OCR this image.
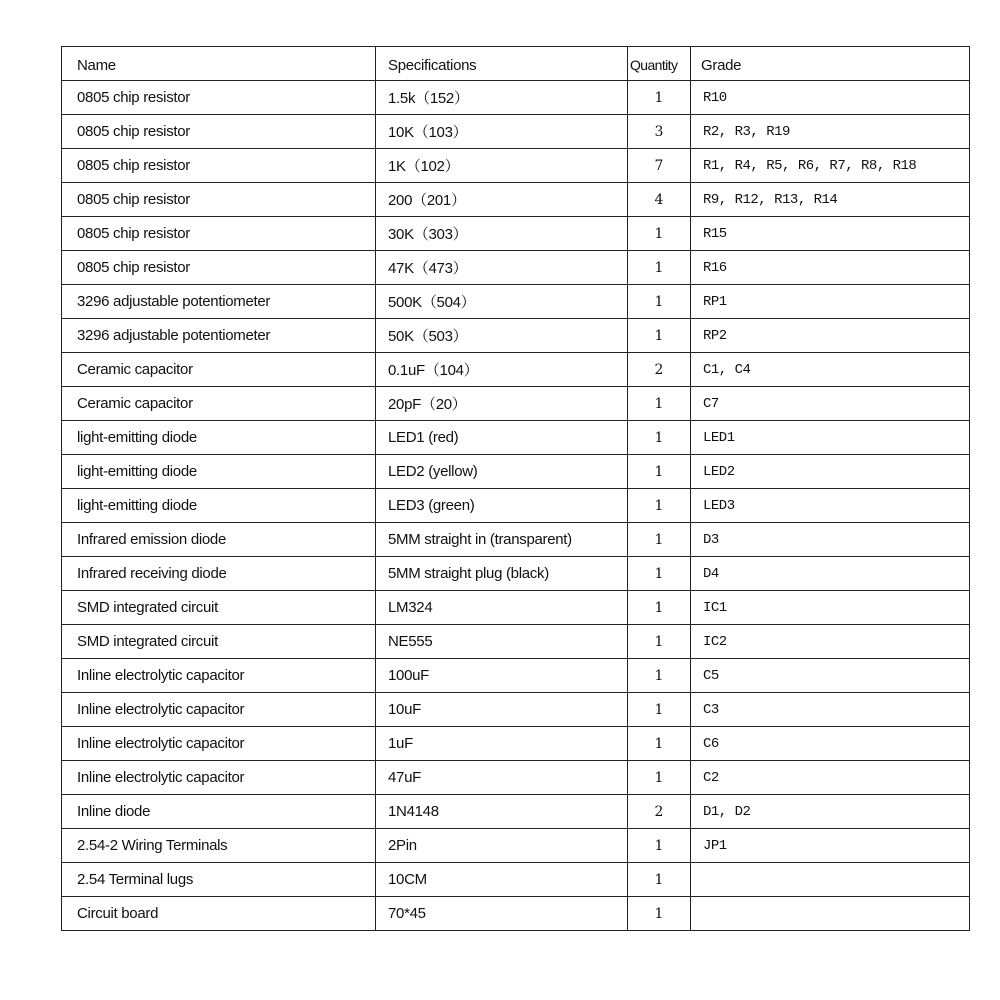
Name	Specifications	Quantity	Grade
0805 chip resistor	1.5k（152）	1	R10
0805 chip resistor	10K（103）	3	R2, R3, R19
0805 chip resistor	1K（102）	7	R1, R4, R5, R6, R7, R8, R18
0805 chip resistor	200（201）	4	R9, R12, R13, R14
0805 chip resistor	30K（303）	1	R15
0805 chip resistor	47K（473）	1	R16
3296 adjustable potentiometer	500K（504）	1	RP1
3296 adjustable potentiometer	50K（503）	1	RP2
Ceramic capacitor	0.1uF（104）	2	C1, C4
Ceramic capacitor	20pF（20）	1	C7
light-emitting diode	LED1 (red)	1	LED1
light-emitting diode	LED2 (yellow)	1	LED2
light-emitting diode	LED3 (green)	1	LED3
Infrared emission diode	5MM straight in (transparent)	1	D3
Infrared receiving diode	5MM straight plug (black)	1	D4
SMD integrated circuit	LM324	1	IC1
SMD integrated circuit	NE555	1	IC2
Inline electrolytic capacitor	100uF	1	C5
Inline electrolytic capacitor	10uF	1	C3
Inline electrolytic capacitor	1uF	1	C6
Inline electrolytic capacitor	47uF	1	C2
Inline diode	1N4148	2	D1, D2
2.54-2 Wiring Terminals	2Pin	1	JP1
2.54 Terminal lugs	10CM	1	
Circuit board	70*45	1	
